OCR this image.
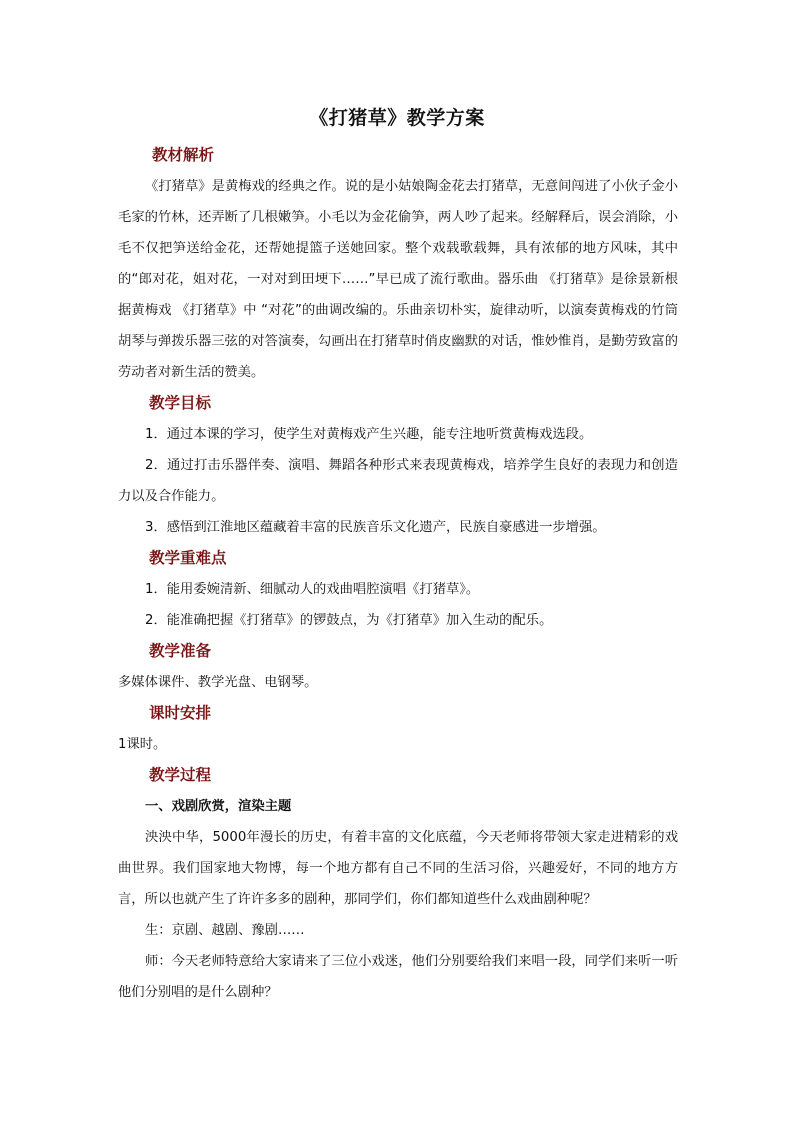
《打猪草》教学方案
教材解析

《打猪草》是黄梅戏的经典之作。说的是小姑娘陶金花去打猪草，无意间闯进了小伙子金小毛家的竹林，还弄断了几根嫩笋。小毛以为金花偷笋，两人吵了起来。经解释后，误会消除，小毛不仅把笋送给金花，还帮她提篮子送她回家。整个戏载歌载舞，具有浓郁的地方风味，其中的“郎对花，姐对花，一对对到田埂下……”早已成了流行歌曲。器乐曲 《打猪草》是徐景新根据黄梅戏 《打猪草》中 “对花”的曲调改编的。乐曲亲切朴实，旋律动听，以演奏黄梅戏的竹筒胡琴与弹拨乐器三弦的对答演奏，勾画出在打猪草时俏皮幽默的对话，惟妙惟肖，是勤劳致富的劳动者对新生活的赞美。

教学目标

1．通过本课的学习，使学生对黄梅戏产生兴趣，能专注地听赏黄梅戏选段。

2．通过打击乐器伴奏、演唱、舞蹈各种形式来表现黄梅戏，培养学生良好的表现力和创造力以及合作能力。

3．感悟到江淮地区蕴藏着丰富的民族音乐文化遗产，民族自豪感进一步增强。

教学重难点

1．能用委婉清新、细腻动人的戏曲唱腔演唱《打猪草》。

2．能准确把握《打猪草》的锣鼓点，为《打猪草》加入生动的配乐。

教学准备

多媒体课件、教学光盘、电钢琴。

课时安排

1课时。

教学过程
一、戏剧欣赏，渲染主题

泱泱中华，5000年漫长的历史，有着丰富的文化底蕴，今天老师将带领大家走进精彩的戏曲世界。我们国家地大物博，每一个地方都有自己不同的生活习俗，兴趣爱好，不同的地方方言，所以也就产生了许许多多的剧种，那同学们，你们都知道些什么戏曲剧种呢？

生：京剧、越剧、豫剧……

师：今天老师特意给大家请来了三位小戏迷，他们分别要给我们来唱一段，同学们来听一听他们分别唱的是什么剧种？
